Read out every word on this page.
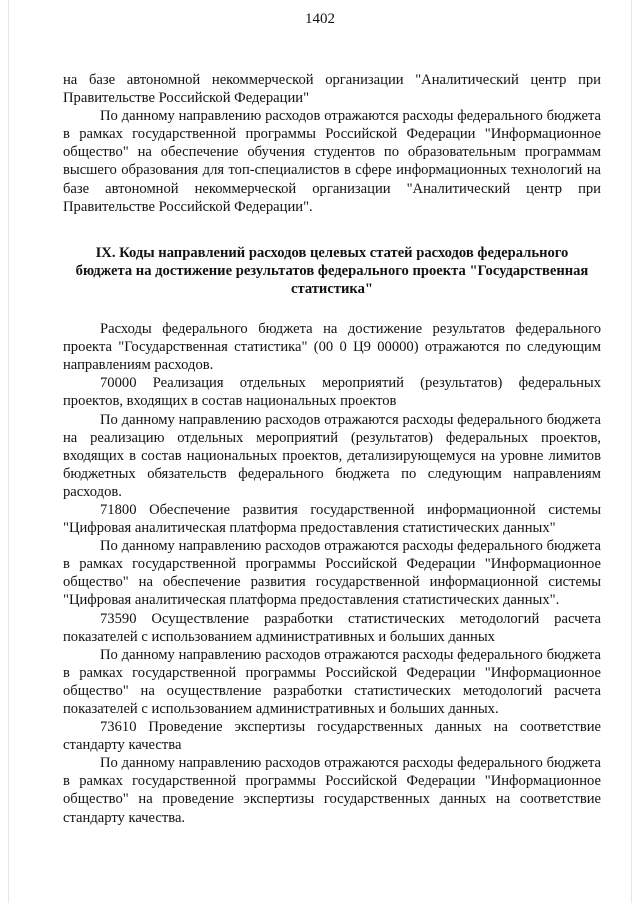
1402

на базе автономной некоммерческой организации "Аналитический центр при Правительстве Российской Федерации"

По данному направлению расходов отражаются расходы федерального бюджета в рамках государственной программы Российской Федерации "Информационное общество" на обеспечение обучения студентов по образовательным программам высшего образования для топ-специалистов в сфере информационных технологий на базе автономной некоммерческой организации "Аналитический центр при Правительстве Российской Федерации".

IX. Коды направлений расходов целевых статей расходов федерального бюджета на достижение результатов федерального проекта "Государственная статистика"

Расходы федерального бюджета на достижение результатов федерального проекта "Государственная статистика" (00 0 Ц9 00000) отражаются по следующим направлениям расходов.

70000 Реализация отдельных мероприятий (результатов) федеральных проектов, входящих в состав национальных проектов

По данному направлению расходов отражаются расходы федерального бюджета на реализацию отдельных мероприятий (результатов) федеральных проектов, входящих в состав национальных проектов, детализирующемуся на уровне лимитов бюджетных обязательств федерального бюджета по следующим направлениям расходов.

71800 Обеспечение развития государственной информационной системы "Цифровая аналитическая платформа предоставления статистических данных"

По данному направлению расходов отражаются расходы федерального бюджета в рамках государственной программы Российской Федерации "Информационное общество" на обеспечение развития государственной информационной системы "Цифровая аналитическая платформа предоставления статистических данных".

73590 Осуществление разработки статистических методологий расчета показателей с использованием административных и больших данных

По данному направлению расходов отражаются расходы федерального бюджета в рамках государственной программы Российской Федерации "Информационное общество" на осуществление разработки статистических методологий расчета показателей с использованием административных и больших данных.

73610 Проведение экспертизы государственных данных на соответствие стандарту качества

По данному направлению расходов отражаются расходы федерального бюджета в рамках государственной программы Российской Федерации "Информационное общество" на проведение экспертизы государственных данных на соответствие стандарту качества.
